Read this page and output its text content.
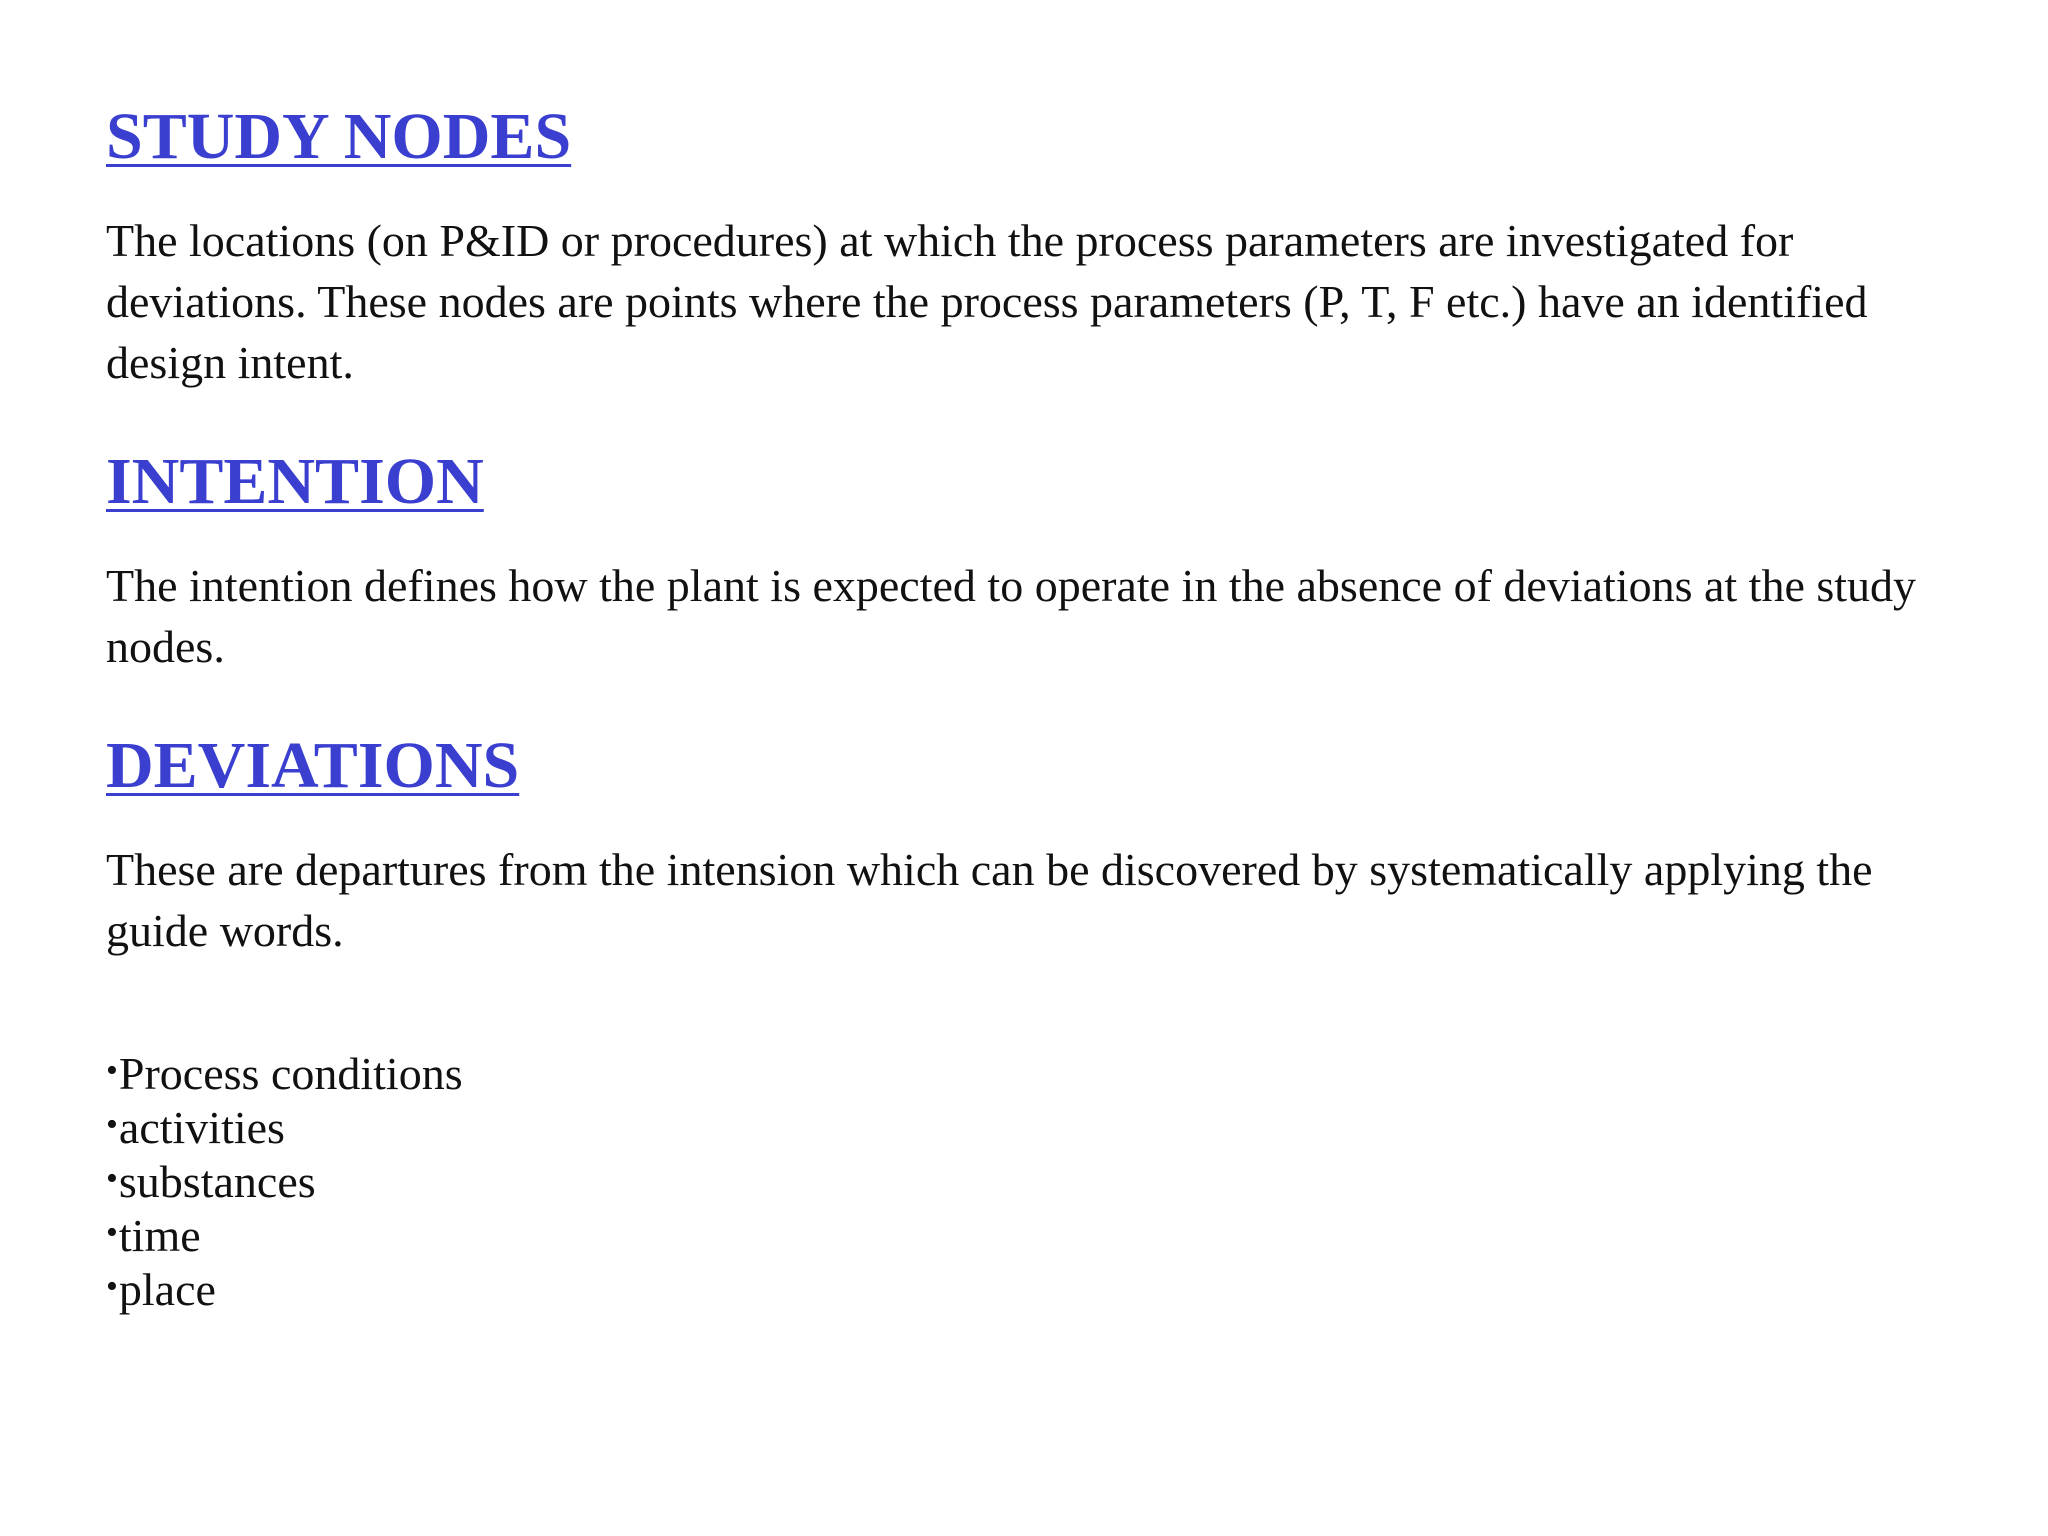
STUDY NODES

The locations (on P&ID or procedures) at which the process parameters are investigated for deviations. These nodes are points where the process parameters (P, T, F etc.) have an identified design intent.

INTENTION

The intention defines how the plant is expected to operate in the absence of deviations at the study nodes.

DEVIATIONS

These are departures from the intension which can be discovered by systematically applying the guide words.

•Process conditions
•activities
•substances
•time
•place
